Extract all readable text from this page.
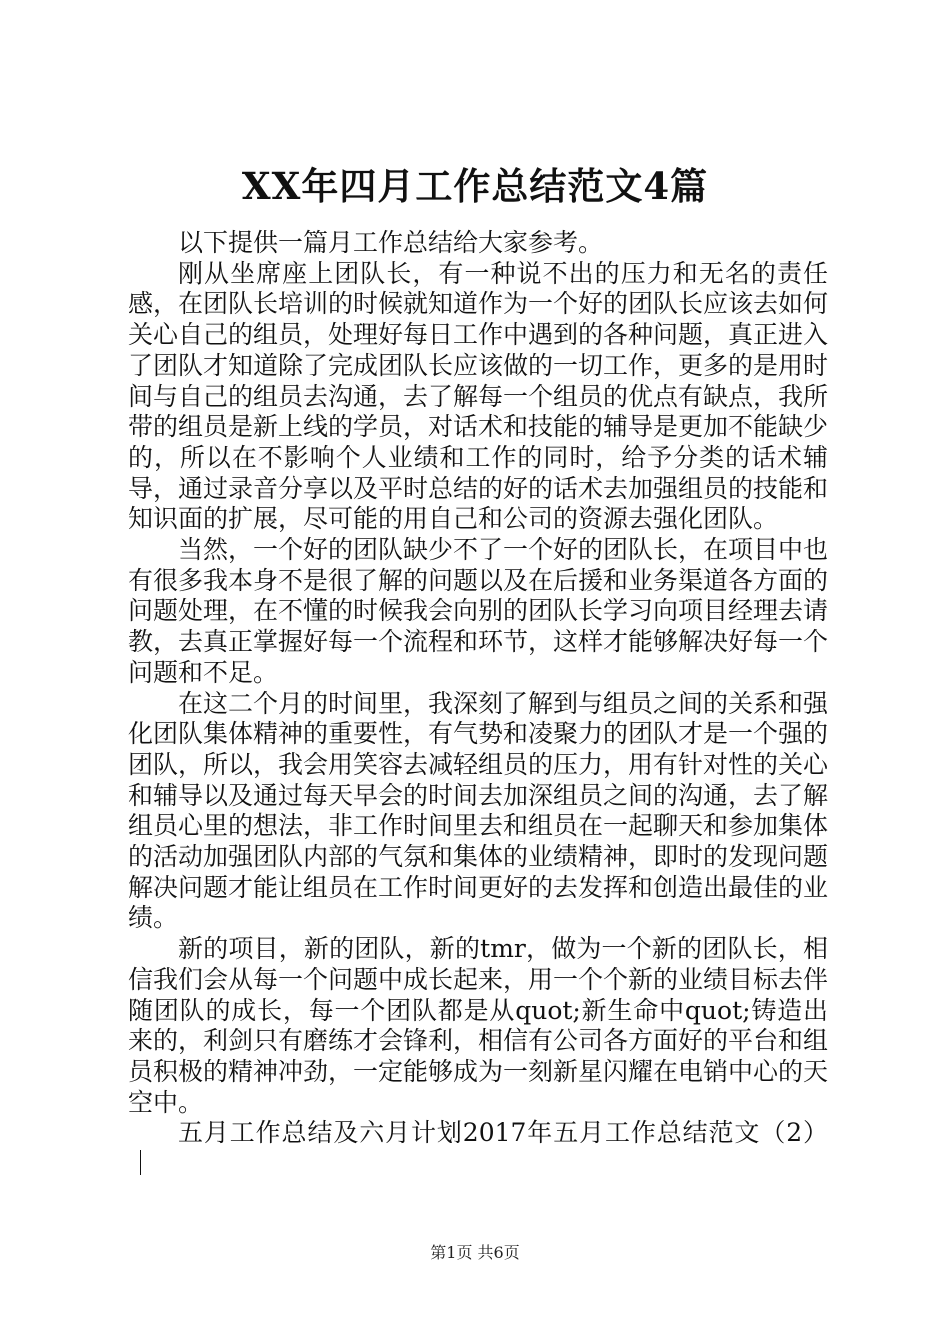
XX年四月工作总结范文4篇

以下提供一篇月工作总结给大家参考。

刚从坐席座上团队长，有一种说不出的压力和无名的责任感，在团队长培训的时候就知道作为一个好的团队长应该去如何关心自己的组员，处理好每日工作中遇到的各种问题，真正进入了团队才知道除了完成团队长应该做的一切工作，更多的是用时间与自己的组员去沟通，去了解每一个组员的优点有缺点，我所带的组员是新上线的学员，对话术和技能的辅导是更加不能缺少的，所以在不影响个人业绩和工作的同时，给予分类的话术辅导，通过录音分享以及平时总结的好的话术去加强组员的技能和知识面的扩展，尽可能的用自己和公司的资源去强化团队。

当然，一个好的团队缺少不了一个好的团队长，在项目中也有很多我本身不是很了解的问题以及在后援和业务渠道各方面的问题处理，在不懂的时候我会向别的团队长学习向项目经理去请教，去真正掌握好每一个流程和环节，这样才能够解决好每一个问题和不足。

在这二个月的时间里，我深刻了解到与组员之间的关系和强化团队集体精神的重要性，有气势和凌聚力的团队才是一个强的团队，所以，我会用笑容去减轻组员的压力，用有针对性的关心和辅导以及通过每天早会的时间去加深组员之间的沟通，去了解组员心里的想法，非工作时间里去和组员在一起聊天和参加集体的活动加强团队内部的气氛和集体的业绩精神，即时的发现问题解决问题才能让组员在工作时间更好的去发挥和创造出最佳的业绩。

新的项目，新的团队，新的tmr，做为一个新的团队长，相信我们会从每一个问题中成长起来，用一个个新的业绩目标去伴随团队的成长，每一个团队都是从quot;新生命中quot;铸造出来的，利剑只有磨练才会锋利，相信有公司各方面好的平台和组员积极的精神冲劲，一定能够成为一刻新星闪耀在电销中心的天空中。

五月工作总结及六月计划2017年五月工作总结范文（2）｜

第1页 共6页
